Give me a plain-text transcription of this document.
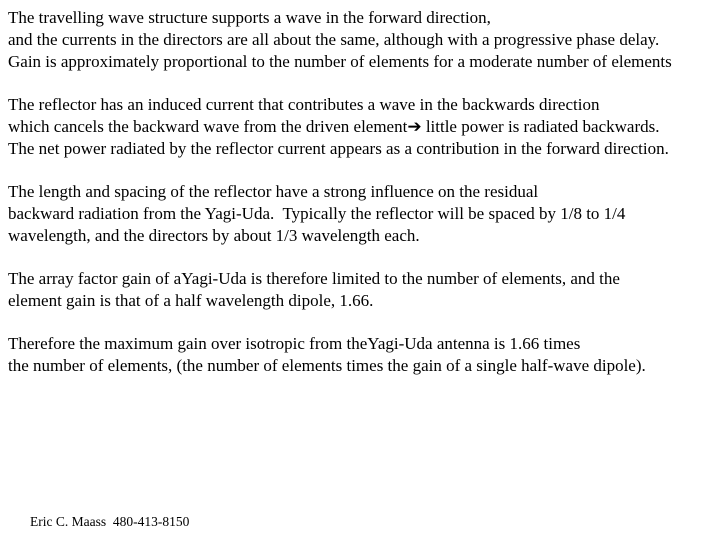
The travelling wave structure supports a wave in the forward direction,
and the currents in the directors are all about the same, although with a progressive phase delay.
Gain is approximately proportional to the number of elements for a moderate number of elements
The reflector has an induced current that contributes a wave in the backwards direction
which cancels the backward wave from the driven element➔ little power is radiated backwards.
The net power radiated by the reflector current appears as a contribution in the forward direction.
The length and spacing of the reflector have a strong influence on the residual
backward radiation from the Yagi-Uda.  Typically the reflector will be spaced by 1/8 to 1/4
wavelength, and the directors by about 1/3 wavelength each.
The array factor gain of aYagi-Uda is therefore limited to the number of elements, and the
element gain is that of a half wavelength dipole, 1.66.
Therefore the maximum gain over isotropic from theYagi-Uda antenna is 1.66 times
the number of elements, (the number of elements times the gain of a single half-wave dipole).
Eric C. Maass  480-413-8150
